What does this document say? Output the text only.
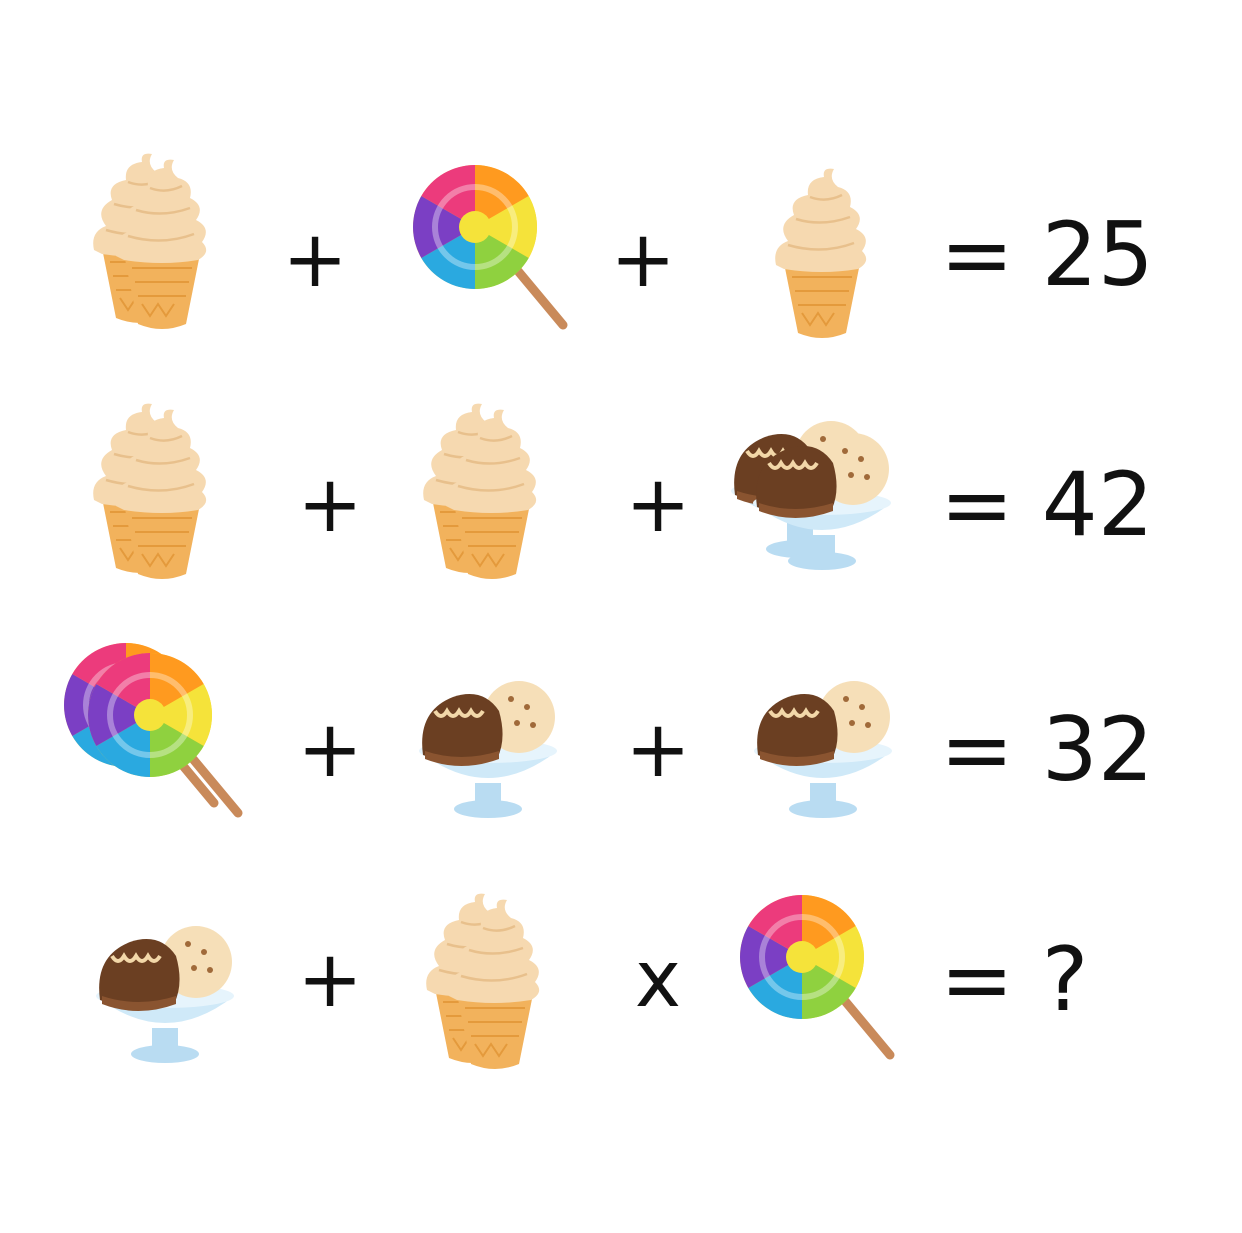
+	+	= 25
+	+	= 42
+	+	= 32
+	x	= ?
